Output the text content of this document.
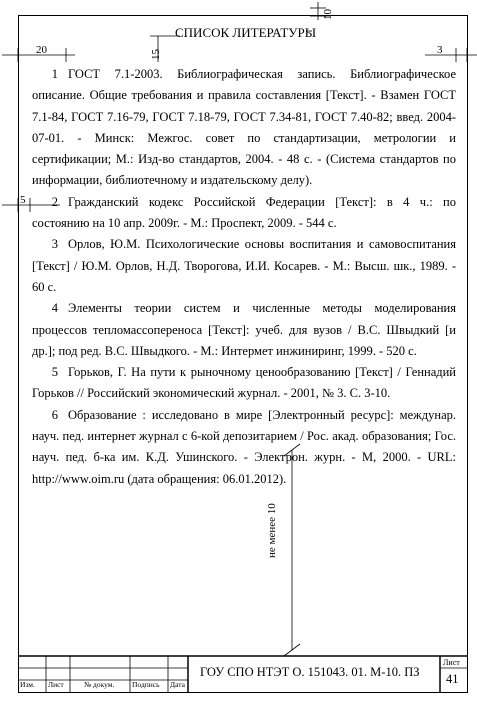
10
15
20	3
5
СПИСОК ЛИТЕРАТУРЫ

1 ГОСТ 7.1-2003. Библиографическая запись. Библиографическое описание. Общие требования и правила составления [Текст]. - Взамен ГОСТ 7.1-84, ГОСТ 7.16-79, ГОСТ 7.18-79, ГОСТ 7.34-81, ГОСТ 7.40-82; введ. 2004-07-01. - Минск: Межгос. совет по стандартизации, метрологии и сертификации; М.: Изд-во стандартов, 2004. - 48 с. - (Система стандартов по информации, библиотечному и издательскому делу).

2 Гражданский кодекс Российской Федерации [Текст]: в 4 ч.: по состоянию на 10 апр. 2009г. - М.: Проспект, 2009. - 544 с.

3 Орлов, Ю.М. Психологические основы воспитания и самовоспитания [Текст] / Ю.М. Орлов, Н.Д. Творогова, И.И. Косарев. - М.: Высш. шк., 1989. - 60 с.

4 Элементы теории систем и численные методы моделирования процессов тепломассопереноса [Текст]: учеб. для вузов / В.С. Швыдкий [и др.]; под ред. В.С. Швыдкого. - М.: Интермет инжиниринг, 1999. - 520 с.

5 Горьков, Г. На пути к рыночному ценообразованию [Текст] / Геннадий Горьков // Российский экономический журнал. - 2001, № 3. С. 3-10.

6 Образование : исследовано в мире [Электронный ресурс]: междунар. науч. пед. интернет журнал с 6-кой депозитарием / Рос. акад. образования; Гос. науч. пед. б-ка им. К.Д. Ушинского. - Электрон. журн. - М, 2000. - URL: http://www.oim.ru (дата обращения: 06.01.2012).

не менее 10
Изм. Лист	№ докум. Подпись Дата
ГОУ СПО НТЭТ О. 151043. 01. М-10. ПЗ
Лист
41
